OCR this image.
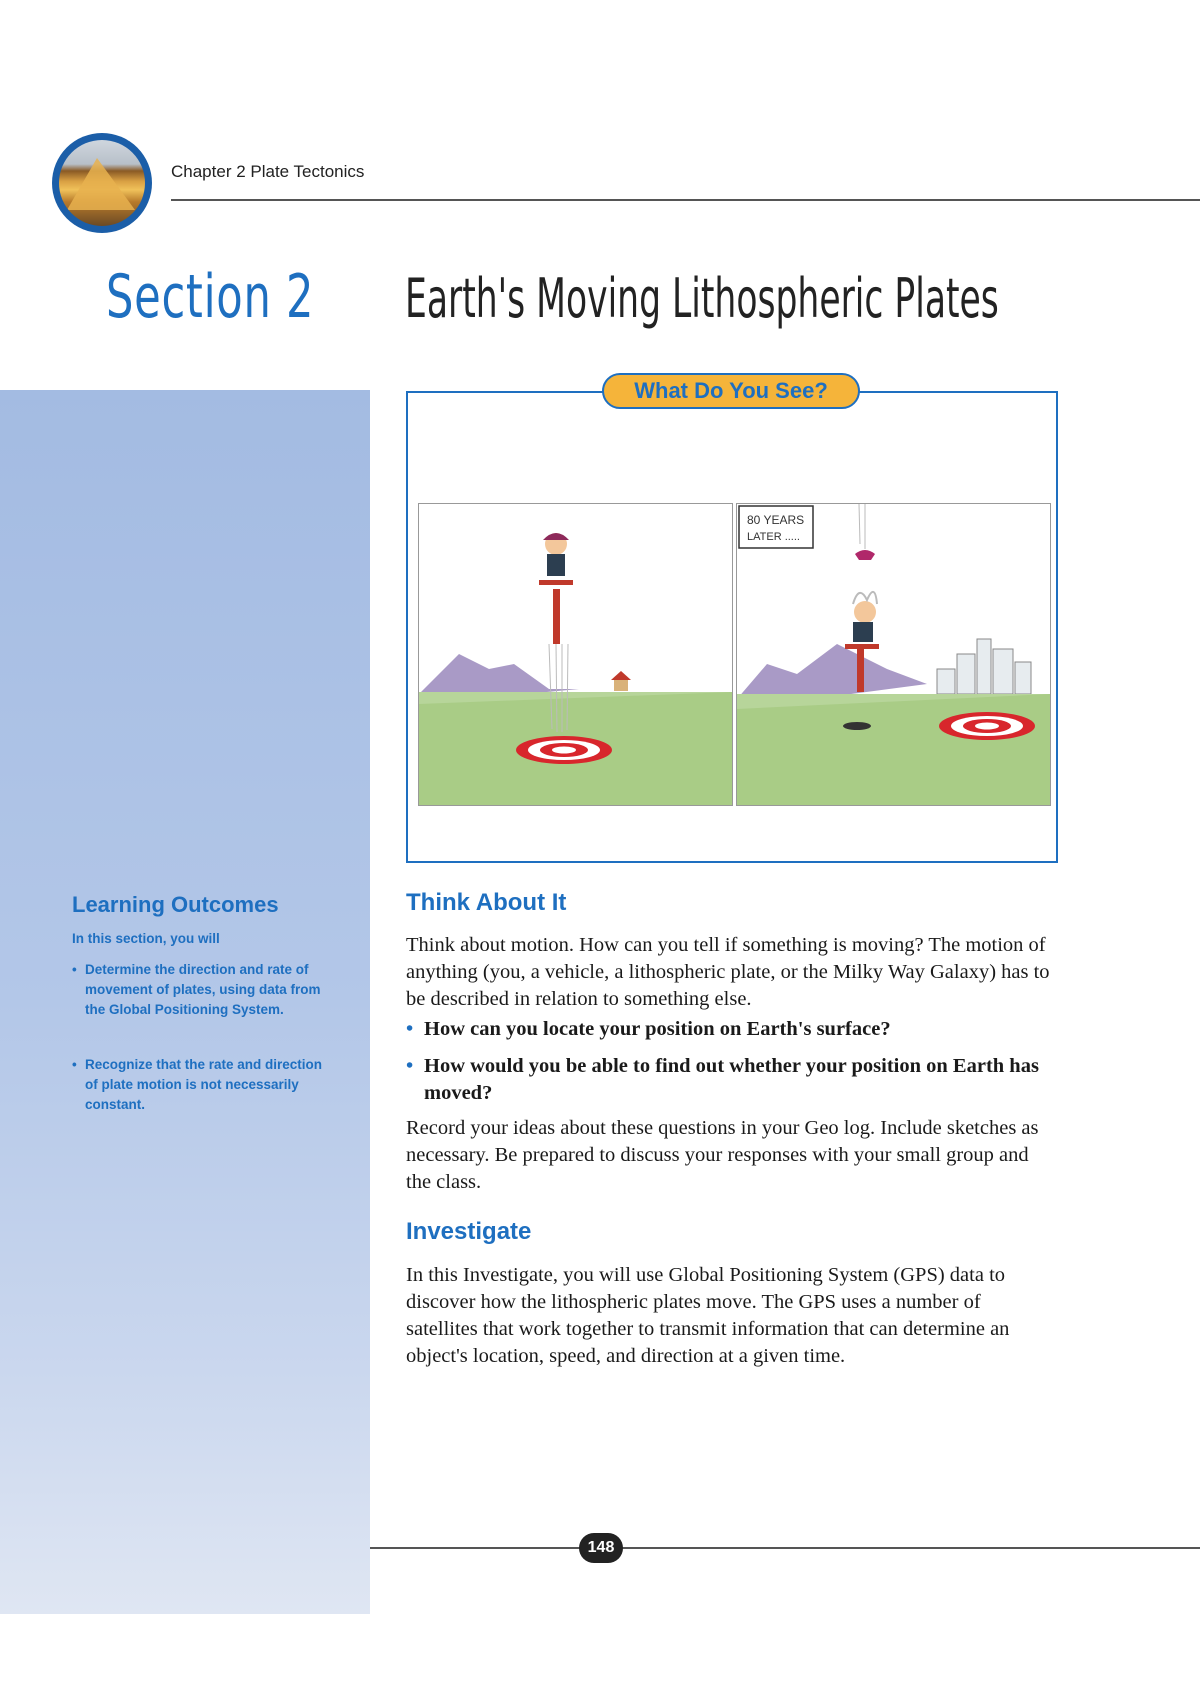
Chapter 2 Plate Tectonics
Section 2 Earth's Moving Lithospheric Plates
Learning Outcomes
In this section, you will
• Determine the direction and rate of movement of plates, using data from the Global Positioning System.
• Recognize that the rate and direction of plate motion is not necessarily constant.
What Do You See?
80 YEARS
LATER .....
Think About It
Think about motion. How can you tell if something is moving? The motion of anything (you, a vehicle, a lithospheric plate, or the Milky Way Galaxy) has to be described in relation to something else.
• How can you locate your position on Earth's surface?
• How would you be able to find out whether your position on Earth has moved?
Record your ideas about these questions in your Geo log. Include sketches as necessary. Be prepared to discuss your responses with your small group and the class.
Investigate
In this Investigate, you will use Global Positioning System (GPS) data to discover how the lithospheric plates move. The GPS uses a number of satellites that work together to transmit information that can determine an object's location, speed, and direction at a given time.
148
